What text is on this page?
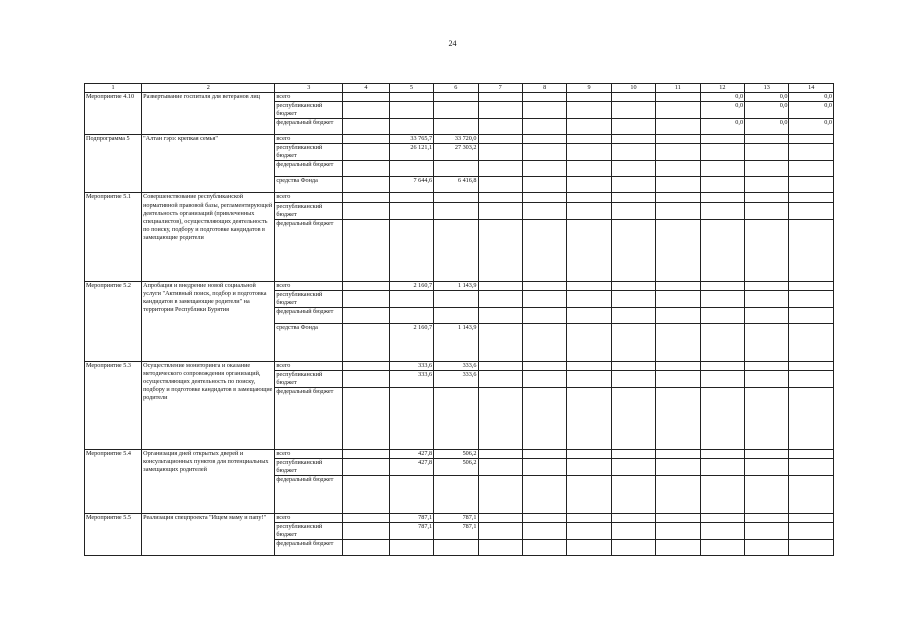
24
1	2	3	4	5	6	7	8	9	10	11	12	13	14
Мероприятие 4.10	Развертывание госпиталя для ветеранов лиц	всего									0,0	0,0	0,0
		республиканский бюджет									0,0	0,0	0,0
		федеральный бюджет									0,0	0,0	0,0
Подпрограмма 5	"Алтан гэрэ: крепкая семья"	всего		33 765,7	33 720,0								
		республиканский бюджет		26 121,1	27 303,2								
		федеральный бюджет											
		средства Фонда		7 644,6	6 416,8								
Мероприятие 5.1	Совершенствование республиканской нормативной правовой базы, регламентирующей деятельность организаций (привлеченных специалистов), осуществляющих деятельность по поиску, подбору и подготовке кандидатов в замещающие родители	всего											
		республиканский бюджет											
		федеральный бюджет											
Мероприятие 5.2	Апробация и внедрение новой социальной услуги "Активный поиск, подбор и подготовка кандидатов в замещающие родители" на территории Республики Бурятия	всего		2 160,7	1 143,9								
		республиканский бюджет											
		федеральный бюджет											
		средства Фонда		2 160,7	1 143,9								
Мероприятие 5.3	Осуществление мониторинга и оказание методического сопровождения организаций, осуществляющих деятельность по поиску, подбору и подготовке кандидатов в замещающие родители	всего		333,6	333,6								
		республиканский бюджет		333,6	333,6								
		федеральный бюджет											
Мероприятие 5.4	Организация дней открытых дверей и консультационных пунктов для потенциальных замещающих родителей	всего		427,8	506,2								
		республиканский бюджет		427,8	506,2								
		федеральный бюджет											
Мероприятие 5.5	Реализация спецпроекта "Ищем маму и папу!"	всего		787,1	787,1								
		республиканский бюджет		787,1	787,1								
		федеральный бюджет											
